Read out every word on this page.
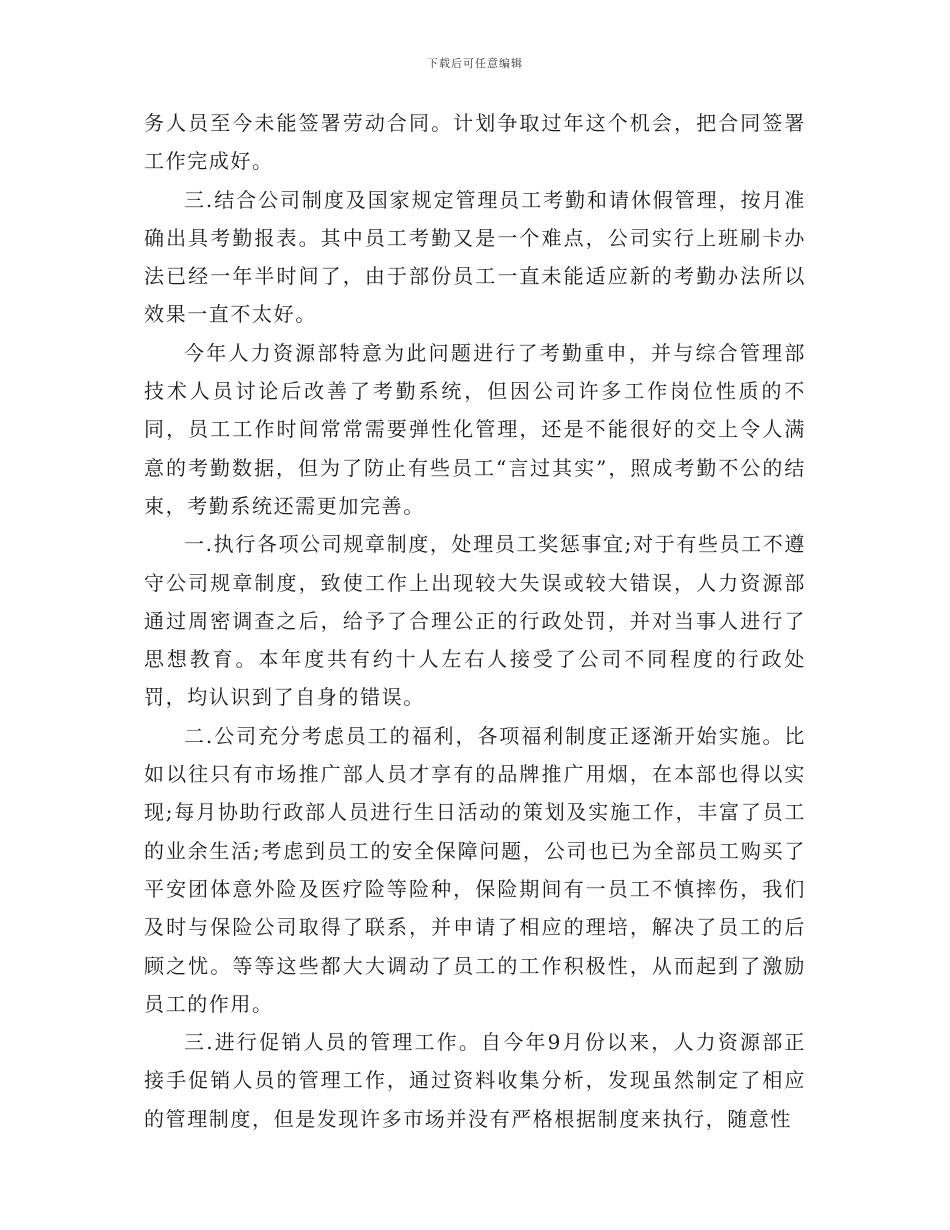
下载后可任意编辑

务人员至今未能签署劳动合同。计划争取过年这个机会，把合同签署工作完成好。

三.结合公司制度及国家规定管理员工考勤和请休假管理，按月准确出具考勤报表。其中员工考勤又是一个难点，公司实行上班刷卡办法已经一年半时间了，由于部份员工一直未能适应新的考勤办法所以效果一直不太好。

今年人力资源部特意为此问题进行了考勤重申，并与综合管理部技术人员讨论后改善了考勤系统，但因公司许多工作岗位性质的不同，员工工作时间常常需要弹性化管理，还是不能很好的交上令人满意的考勤数据，但为了防止有些员工“言过其实”，照成考勤不公的结束，考勤系统还需更加完善。

一.执行各项公司规章制度，处理员工奖惩事宜;对于有些员工不遵守公司规章制度，致使工作上出现较大失误或较大错误，人力资源部通过周密调查之后，给予了合理公正的行政处罚，并对当事人进行了思想教育。本年度共有约十人左右人接受了公司不同程度的行政处罚，均认识到了自身的错误。

二.公司充分考虑员工的福利，各项福利制度正逐渐开始实施。比如以往只有市场推广部人员才享有的品牌推广用烟，在本部也得以实现;每月协助行政部人员进行生日活动的策划及实施工作，丰富了员工的业余生活;考虑到员工的安全保障问题，公司也已为全部员工购买了平安团体意外险及医疗险等险种，保险期间有一员工不慎摔伤，我们及时与保险公司取得了联系，并申请了相应的理培，解决了员工的后顾之忧。等等这些都大大调动了员工的工作积极性，从而起到了激励员工的作用。

三.进行促销人员的管理工作。自今年9月份以来，人力资源部正接手促销人员的管理工作，通过资料收集分析，发现虽然制定了相应的管理制度，但是发现许多市场并没有严格根据制度来执行，随意性
